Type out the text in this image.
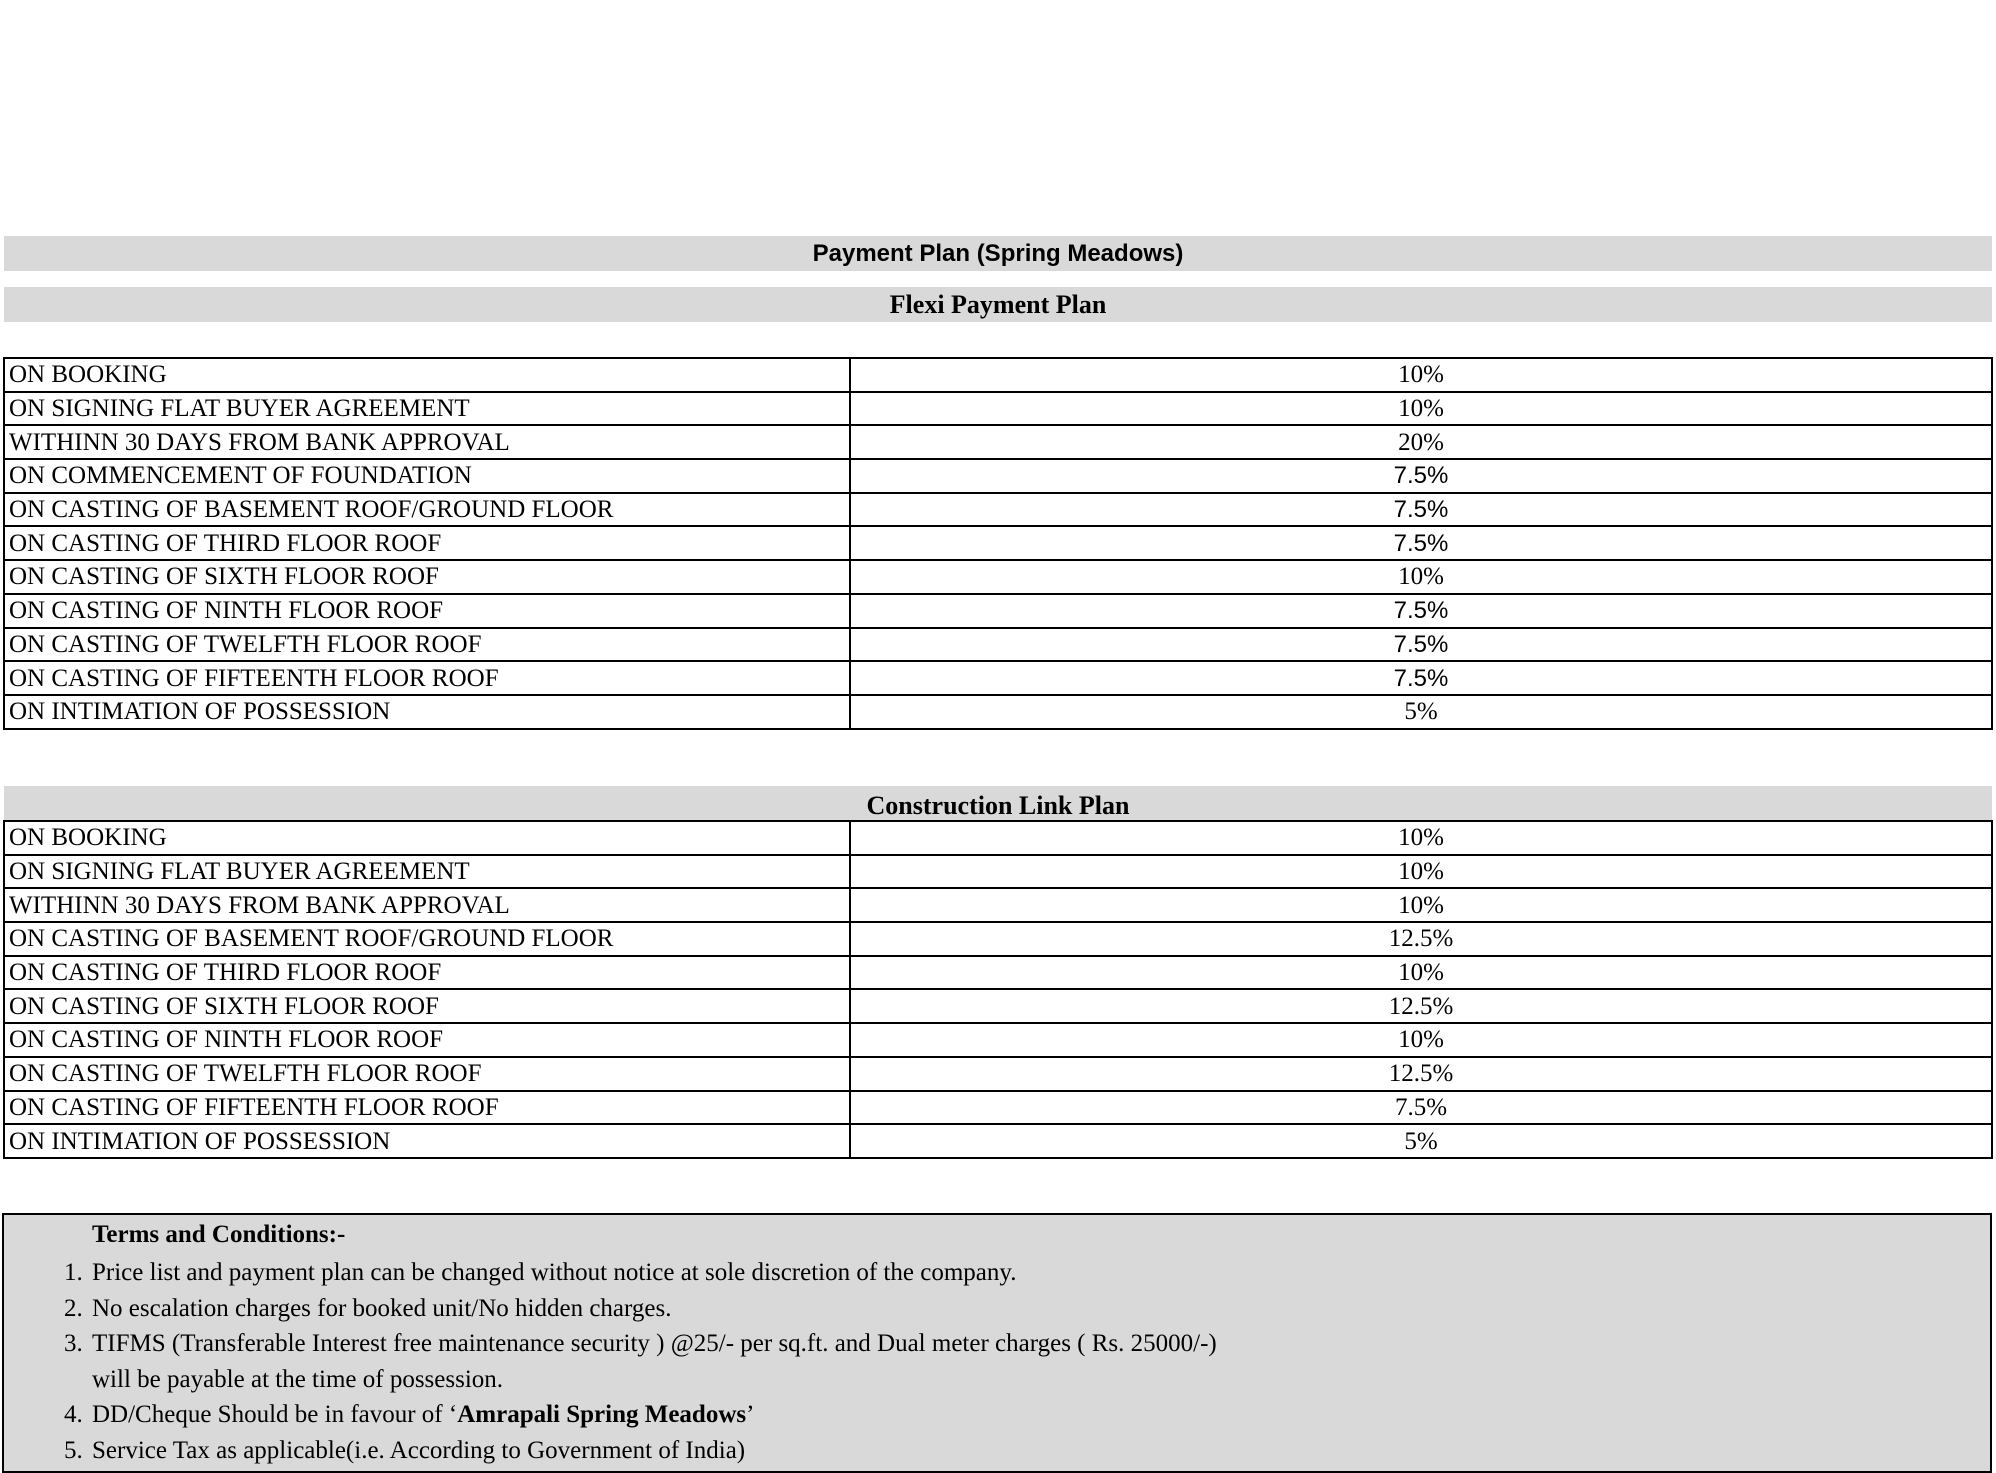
Payment Plan (Spring Meadows)
Flexi Payment Plan
ON BOOKING	10%
ON SIGNING FLAT BUYER AGREEMENT	10%
WITHINN 30 DAYS FROM BANK APPROVAL	20%
ON COMMENCEMENT OF FOUNDATION	7.5%
ON CASTING OF BASEMENT ROOF/GROUND FLOOR	7.5%
ON CASTING OF THIRD FLOOR ROOF	7.5%
ON CASTING OF SIXTH FLOOR ROOF	10%
ON CASTING OF NINTH FLOOR ROOF	7.5%
ON CASTING OF TWELFTH FLOOR ROOF	7.5%
ON CASTING OF FIFTEENTH FLOOR ROOF	7.5%
ON INTIMATION OF POSSESSION	5%
Construction Link Plan
ON BOOKING	10%
ON SIGNING FLAT BUYER AGREEMENT	10%
WITHINN 30 DAYS FROM BANK APPROVAL	10%
ON CASTING OF BASEMENT ROOF/GROUND FLOOR	12.5%
ON CASTING OF THIRD FLOOR ROOF	10%
ON CASTING OF SIXTH FLOOR ROOF	12.5%
ON CASTING OF NINTH FLOOR ROOF	10%
ON CASTING OF TWELFTH FLOOR ROOF	12.5%
ON CASTING OF FIFTEENTH FLOOR ROOF	7.5%
ON INTIMATION OF POSSESSION	5%
Terms and Conditions:-
1. Price list and payment plan can be changed without notice at sole discretion of the company.
2. No escalation charges for booked unit/No hidden charges.
3. TIFMS (Transferable Interest free maintenance security ) @25/- per sq.ft. and Dual meter charges ( Rs. 25000/-) will be payable at the time of possession.
4. DD/Cheque Should be in favour of ‘Amrapali Spring Meadows’
5. Service Tax as applicable(i.e. According to Government of India)
